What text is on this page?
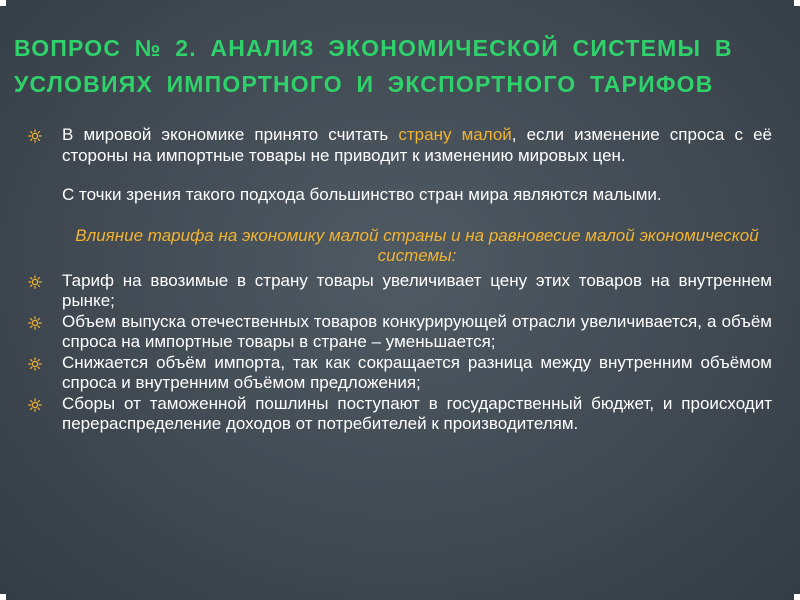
ВОПРОС № 2. АНАЛИЗ ЭКОНОМИЧЕСКОЙ СИСТЕМЫ В
УСЛОВИЯХ ИМПОРТНОГО И ЭКСПОРТНОГО ТАРИФОВ

В мировой экономике принято считать страну малой, если изменение спроса с её стороны на импортные товары не приводит к изменению мировых цен.

С точки зрения такого подхода большинство стран мира являются малыми.

Влияние тарифа на экономику малой страны и на равновесие малой экономической системы:

Тариф на ввозимые в страну товары увеличивает цену этих товаров на внутреннем рынке;

Объем выпуска отечественных товаров конкурирующей отрасли увеличивается, а объём спроса на импортные товары в стране – уменьшается;

Снижается объём импорта, так как сокращается разница между внутренним объёмом спроса и внутренним объёмом предложения;

Сборы от таможенной пошлины поступают в государственный бюджет, и происходит перераспределение доходов от потребителей к производителям.
